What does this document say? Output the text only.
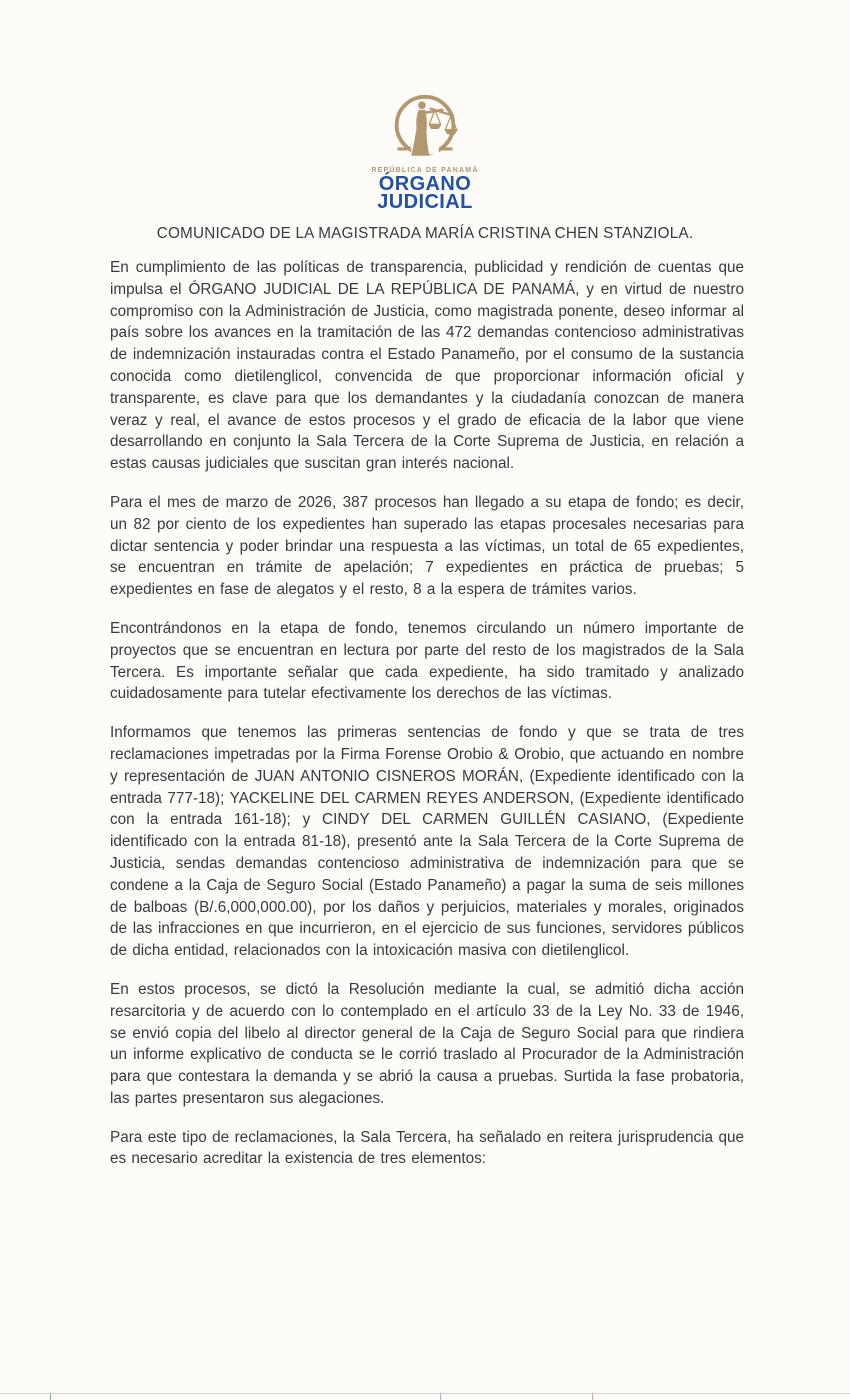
REPÚBLICA DE PANAMÁ
ÓRGANO
JUDICIAL
COMUNICADO DE LA MAGISTRADA MARÍA CRISTINA CHEN STANZIOLA.

En cumplimiento de las políticas de transparencia, publicidad y rendición de cuentas que impulsa el ÓRGANO JUDICIAL DE LA REPÚBLICA DE PANAMÁ, y en virtud de nuestro compromiso con la Administración de Justicia, como magistrada ponente, deseo informar al país sobre los avances en la tramitación de las 472 demandas contencioso administrativas de indemnización instauradas contra el Estado Panameño, por el consumo de la sustancia conocida como dietilenglicol, convencida de que proporcionar información oficial y transparente, es clave para que los demandantes y la ciudadanía conozcan de manera veraz y real, el avance de estos procesos y el grado de eficacia de la labor que viene desarrollando en conjunto la Sala Tercera de la Corte Suprema de Justicia, en relación a estas causas judiciales que suscitan gran interés nacional.

Para el mes de marzo de 2026, 387 procesos han llegado a su etapa de fondo; es decir, un 82 por ciento de los expedientes han superado las etapas procesales necesarias para dictar sentencia y poder brindar una respuesta a las víctimas, un total de 65 expedientes, se encuentran en trámite de apelación; 7 expedientes en práctica de pruebas; 5 expedientes en fase de alegatos y el resto, 8 a la espera de trámites varios.

Encontrándonos en la etapa de fondo, tenemos circulando un número importante de proyectos que se encuentran en lectura por parte del resto de los magistrados de la Sala Tercera. Es importante señalar que cada expediente, ha sido tramitado y analizado cuidadosamente para tutelar efectivamente los derechos de las víctimas.

Informamos que tenemos las primeras sentencias de fondo y que se trata de tres reclamaciones impetradas por la Firma Forense Orobio & Orobio, que actuando en nombre y representación de JUAN ANTONIO CISNEROS MORÁN, (Expediente identificado con la entrada 777-18); YACKELINE DEL CARMEN REYES ANDERSON, (Expediente identificado con la entrada 161-18); y CINDY DEL CARMEN GUILLÉN CASIANO, (Expediente identificado con la entrada 81-18), presentó ante la Sala Tercera de la Corte Suprema de Justicia, sendas demandas contencioso administrativa de indemnización para que se condene a la Caja de Seguro Social (Estado Panameño) a pagar la suma de seis millones de balboas (B/.6,000,000.00), por los daños y perjuicios, materiales y morales, originados de las infracciones en que incurrieron, en el ejercicio de sus funciones, servidores públicos de dicha entidad, relacionados con la intoxicación masiva con dietilenglicol.

En estos procesos, se dictó la Resolución mediante la cual, se admitió dicha acción resarcitoria y de acuerdo con lo contemplado en el artículo 33 de la Ley No. 33 de 1946, se envió copia del libelo al director general de la Caja de Seguro Social para que rindiera un informe explicativo de conducta se le corrió traslado al Procurador de la Administración para que contestara la demanda y se abrió la causa a pruebas. Surtida la fase probatoria, las partes presentaron sus alegaciones.

Para este tipo de reclamaciones, la Sala Tercera, ha señalado en reitera jurisprudencia que es necesario acreditar la existencia de tres elementos:
